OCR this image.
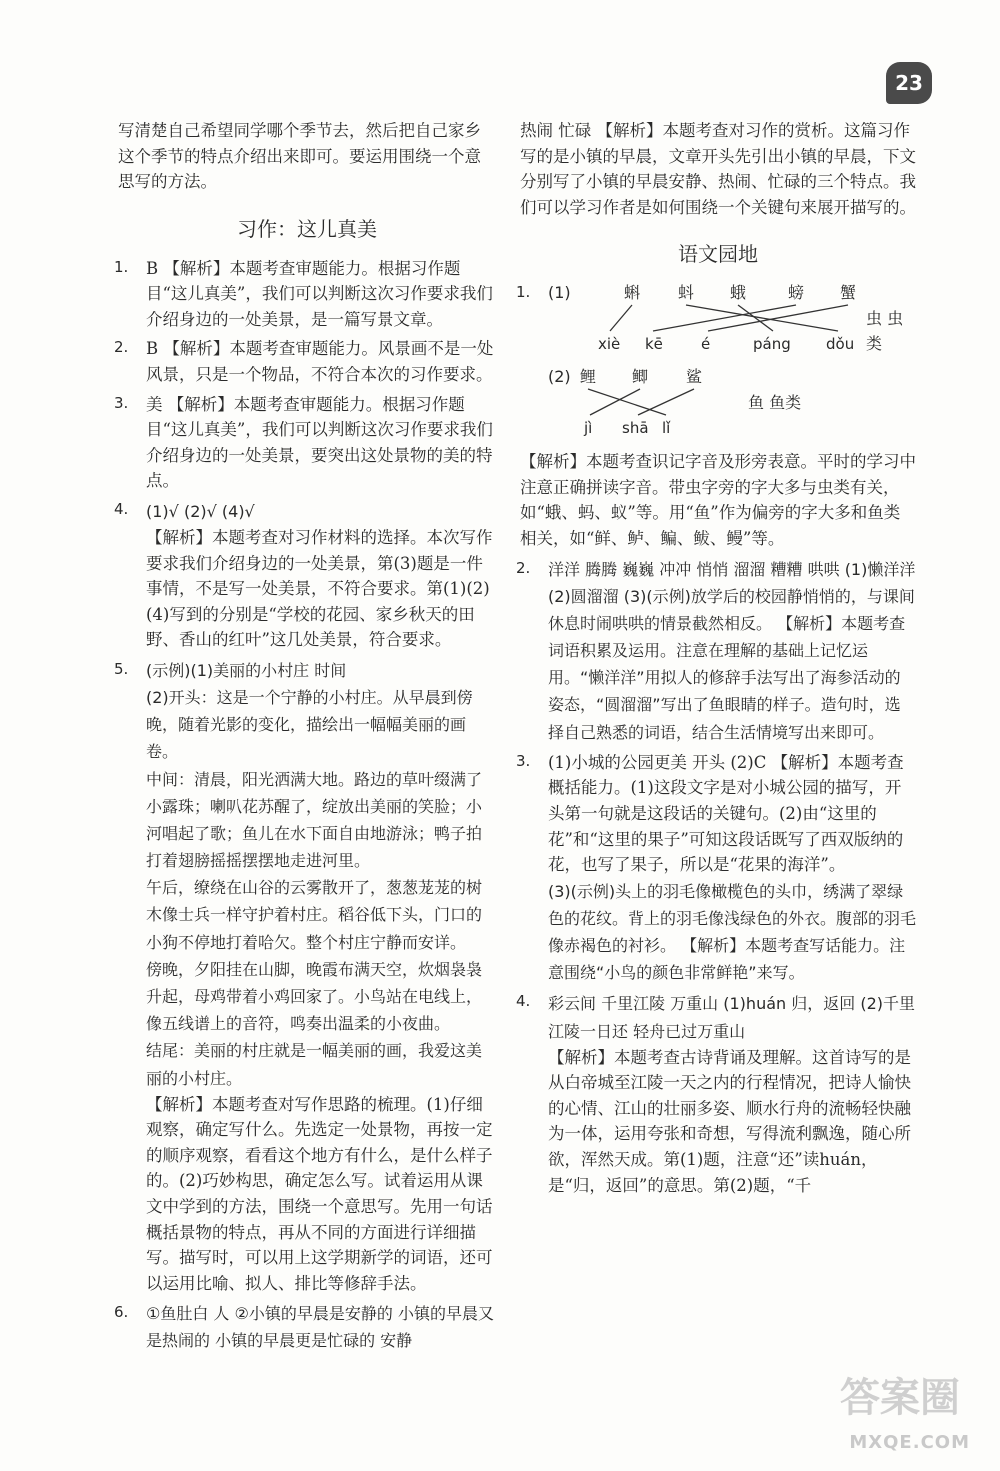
23

写清楚自己希望同学哪个季节去，然后把自己家乡这个季节的特点介绍出来即可。要运用围绕一个意思写的方法。

习作：这儿真美
1. B 【解析】本题考查审题能力。根据习作题目“这儿真美”，我们可以判断这次习作要求我们介绍身边的一处美景，是一篇写景文章。
2. B 【解析】本题考查审题能力。风景画不是一处风景，只是一个物品，不符合本次的习作要求。
3. 美 【解析】本题考查审题能力。根据习作题目“这儿真美”，我们可以判断这次习作要求我们介绍身边的一处美景，要突出这处景物的美的特点。
4. (1)√ (2)√ (4)√
【解析】本题考查对习作材料的选择。本次写作要求我们介绍身边的一处美景，第(3)题是一件事情，不是写一处美景，不符合要求。第(1)(2)(4)写到的分别是“学校的花园、家乡秋天的田野、香山的红叶”这几处美景，符合要求。
5. (示例)(1)美丽的小村庄 时间
(2)开头：这是一个宁静的小村庄。从早晨到傍晚，随着光影的变化，描绘出一幅幅美丽的画卷。
中间：清晨，阳光洒满大地。路边的草叶缀满了小露珠；喇叭花苏醒了，绽放出美丽的笑脸；小河唱起了歌；鱼儿在水下面自由地游泳；鸭子拍打着翅膀摇摇摆摆地走进河里。
午后，缭绕在山谷的云雾散开了，葱葱茏茏的树木像士兵一样守护着村庄。稻谷低下头，门口的小狗不停地打着哈欠。整个村庄宁静而安详。
傍晚，夕阳挂在山脚，晚霞布满天空，炊烟袅袅升起，母鸡带着小鸡回家了。小鸟站在电线上，像五线谱上的音符，鸣奏出温柔的小夜曲。
结尾：美丽的村庄就是一幅美丽的画，我爱这美丽的小村庄。
【解析】本题考查对写作思路的梳理。(1)仔细观察，确定写什么。先选定一处景物，再按一定的顺序观察，看看这个地方有什么，是什么样子的。(2)巧妙构思，确定怎么写。试着运用从课文中学到的方法，围绕一个意思写。先用一句话概括景物的特点，再从不同的方面进行详细描写。描写时，可以用上这学期新学的词语，还可以运用比喻、拟人、排比等修辞手法。
6. ①鱼肚白 人 ②小镇的早晨是安静的 小镇的早晨又是热闹的 小镇的早晨更是忙碌的 安静

热闹 忙碌 【解析】本题考查对习作的赏析。这篇习作写的是小镇的早晨，文章开头先引出小镇的早晨，下文分别写了小镇的早晨安静、热闹、忙碌的三个特点。我们可以学习作者是如何围绕一个关键句来展开描写的。

语文园地
1. (1)	蝌 蚪 蛾	螃 蟹
xiè kē	é	páng dǒu
虫 虫类
(2) 鲤 鲫 鲨
jì shā lǐ
鱼 鱼类
【解析】本题考查识记字音及形旁表意。平时的学习中注意正确拼读字音。带虫字旁的字大多与虫类有关，如“蛾、蚂、蚁”等。用“鱼”作为偏旁的字大多和鱼类相关，如“鲜、鲈、鳊、鲅、鳗”等。
2. 洋洋 腾腾 巍巍 冲冲 悄悄 溜溜 糟糟 哄哄 (1)懒洋洋 (2)圆溜溜 (3)(示例)放学后的校园静悄悄的，与课间休息时闹哄哄的情景截然相反。 【解析】本题考查词语积累及运用。注意在理解的基础上记忆运用。“懒洋洋”用拟人的修辞手法写出了海参活动的姿态，“圆溜溜”写出了鱼眼睛的样子。造句时，选择自己熟悉的词语，结合生活情境写出来即可。
3. (1)小城的公园更美 开头 (2)C 【解析】本题考查概括能力。(1)这段文字是对小城公园的描写，开头第一句就是这段话的关键句。(2)由“这里的花”和“这里的果子”可知这段话既写了西双版纳的花，也写了果子，所以是“花果的海洋”。
(3)(示例)头上的羽毛像橄榄色的头巾，绣满了翠绿色的花纹。背上的羽毛像浅绿色的外衣。腹部的羽毛像赤褐色的衬衫。 【解析】本题考查写话能力。注意围绕“小鸟的颜色非常鲜艳”来写。
4. 彩云间 千里江陵 万重山 (1)huán 归，返回 (2)千里江陵一日还 轻舟已过万重山
【解析】本题考查古诗背诵及理解。这首诗写的是从白帝城至江陵一天之内的行程情况，把诗人愉快的心情、江山的壮丽多姿、顺水行舟的流畅轻快融为一体，运用夸张和奇想，写得流利飘逸，随心所欲，浑然天成。第(1)题，注意“还”读huán，是“归，返回”的意思。第(2)题，“千
答案圈
MXQE.COM
